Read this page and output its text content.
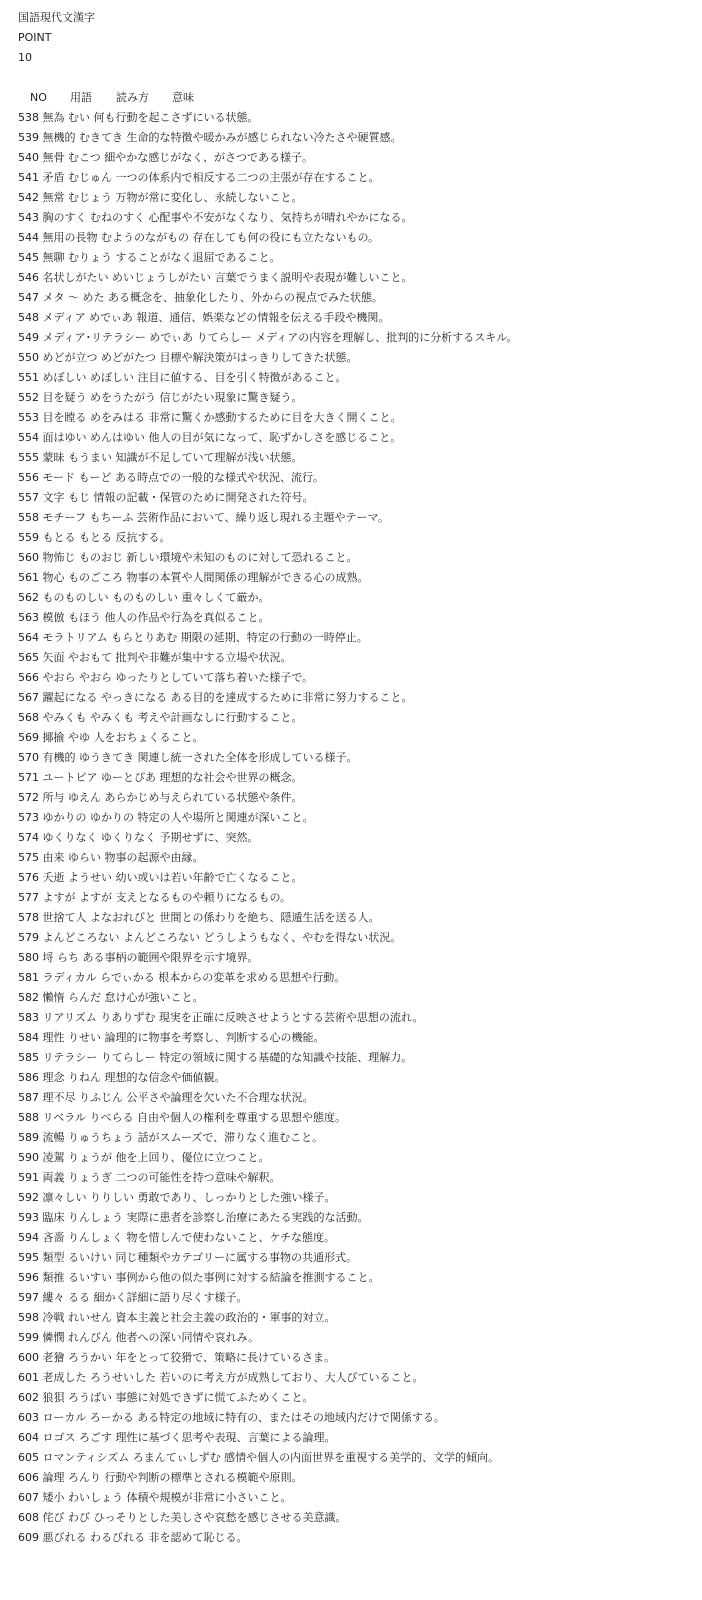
国語現代文漢字
POINT
10
NO 用語 読み方 意味
538 無為 むい 何も行動を起こさずにいる状態。
539 無機的 むきてき 生命的な特徴や暖かみが感じられない冷たさや硬質感。
540 無骨 むこつ 細やかな感じがなく、がさつである様子。
541 矛盾 むじゅん 一つの体系内で相反する二つの主張が存在すること。
542 無常 むじょう 万物が常に変化し、永続しないこと。
543 胸のすく むねのすく 心配事や不安がなくなり、気持ちが晴れやかになる。
544 無用の長物 むようのながもの 存在しても何の役にも立たないもの。
545 無聊 むりょう することがなく退屈であること。
546 名状しがたい めいじょうしがたい 言葉でうまく説明や表現が難しいこと。
547 メタ ～ めた ある概念を、抽象化したり、外からの視点でみた状態。
548 メディア めでぃあ 報道、通信、娯楽などの情報を伝える手段や機関。
549 メディア･リテラシー めでぃあ りてらしー メディアの内容を理解し、批判的に分析するスキル。
550 めどが立つ めどがたつ 目標や解決策がはっきりしてきた状態。
551 めぼしい めぼしい 注目に値する、目を引く特徴があること。
552 目を疑う めをうたがう 信じがたい現象に驚き疑う。
553 目を瞠る めをみはる 非常に驚くか感動するために目を大きく開くこと。
554 面はゆい めんはゆい 他人の目が気になって、恥ずかしさを感じること。
555 蒙昧 もうまい 知識が不足していて理解が浅い状態。
556 モード もーど ある時点での一般的な様式や状況、流行。
557 文字 もじ 情報の記載・保管のために開発された符号。
558 モチーフ もちーふ 芸術作品において、繰り返し現れる主題やテーマ。
559 もとる もとる 反抗する。
560 物怖じ ものおじ 新しい環境や未知のものに対して恐れること。
561 物心 ものごころ 物事の本質や人間関係の理解ができる心の成熟。
562 ものものしい ものものしい 重々しくて厳か。
563 模倣 もほう 他人の作品や行為を真似ること。
564 モラトリアム もらとりあむ 期限の延期、特定の行動の一時停止。
565 矢面 やおもて 批判や非難が集中する立場や状況。
566 やおら やおら ゆったりとしていて落ち着いた様子で。
567 躍起になる やっきになる ある目的を達成するために非常に努力すること。
568 やみくも やみくも 考えや計画なしに行動すること。
569 揶揄 やゆ 人をおちょくること。
570 有機的 ゆうきてき 関連し統一された全体を形成している様子。
571 ユートピア ゆーとぴあ 理想的な社会や世界の概念。
572 所与 ゆえん あらかじめ与えられている状態や条件。
573 ゆかりの ゆかりの 特定の人や場所と関連が深いこと。
574 ゆくりなく ゆくりなく 予期せずに、突然。
575 由来 ゆらい 物事の起源や由縁。
576 夭逝 ようせい 幼い或いは若い年齢で亡くなること。
577 よすが よすが 支えとなるものや頼りになるもの。
578 世捨て人 よなおれびと 世間との係わりを絶ち、隠遁生活を送る人。
579 よんどころない よんどころない どうしようもなく、やむを得ない状況。
580 埒 らち ある事柄の範囲や限界を示す境界。
581 ラディカル らでぃかる 根本からの変革を求める思想や行動。
582 懶惰 らんだ 怠け心が強いこと。
583 リアリズム りありずむ 現実を正確に反映させようとする芸術や思想の流れ。
584 理性 りせい 論理的に物事を考察し、判断する心の機能。
585 リテラシー りてらしー 特定の領域に関する基礎的な知識や技能、理解力。
586 理念 りねん 理想的な信念や価値観。
587 理不尽 りふじん 公平さや論理を欠いた不合理な状況。
588 リベラル りべらる 自由や個人の権利を尊重する思想や態度。
589 流暢 りゅうちょう 話がスムーズで、滞りなく進むこと。
590 凌駕 りょうが 他を上回り、優位に立つこと。
591 両義 りょうぎ 二つの可能性を持つ意味や解釈。
592 凛々しい りりしい 勇敢であり、しっかりとした強い様子。
593 臨床 りんしょう 実際に患者を診察し治療にあたる実践的な活動。
594 吝嗇 りんしょく 物を惜しんで使わないこと、ケチな態度。
595 類型 るいけい 同じ種類やカテゴリーに属する事物の共通形式。
596 類推 るいすい 事例から他の似た事例に対する結論を推測すること。
597 縷々 るる 細かく詳細に語り尽くす様子。
598 冷戦 れいせん 資本主義と社会主義の政治的・軍事的対立。
599 憐憫 れんびん 他者への深い同情や哀れみ。
600 老獪 ろうかい 年をとって狡猾で、策略に長けているさま。
601 老成した ろうせいした 若いのに考え方が成熟しており、大人びていること。
602 狼狽 ろうばい 事態に対処できずに慌てふためくこと。
603 ローカル ろーかる ある特定の地域に特有の、またはその地域内だけで関係する。
604 ロゴス ろごす 理性に基づく思考や表現、言葉による論理。
605 ロマンティシズム ろまんてぃしずむ 感情や個人の内面世界を重視する美学的、文学的傾向。
606 論理 ろんり 行動や判断の標準とされる模範や原則。
607 矮小 わいしょう 体積や規模が非常に小さいこと。
608 侘び わび ひっそりとした美しさや哀愁を感じさせる美意識。
609 悪びれる わるびれる 非を認めて恥じる。
